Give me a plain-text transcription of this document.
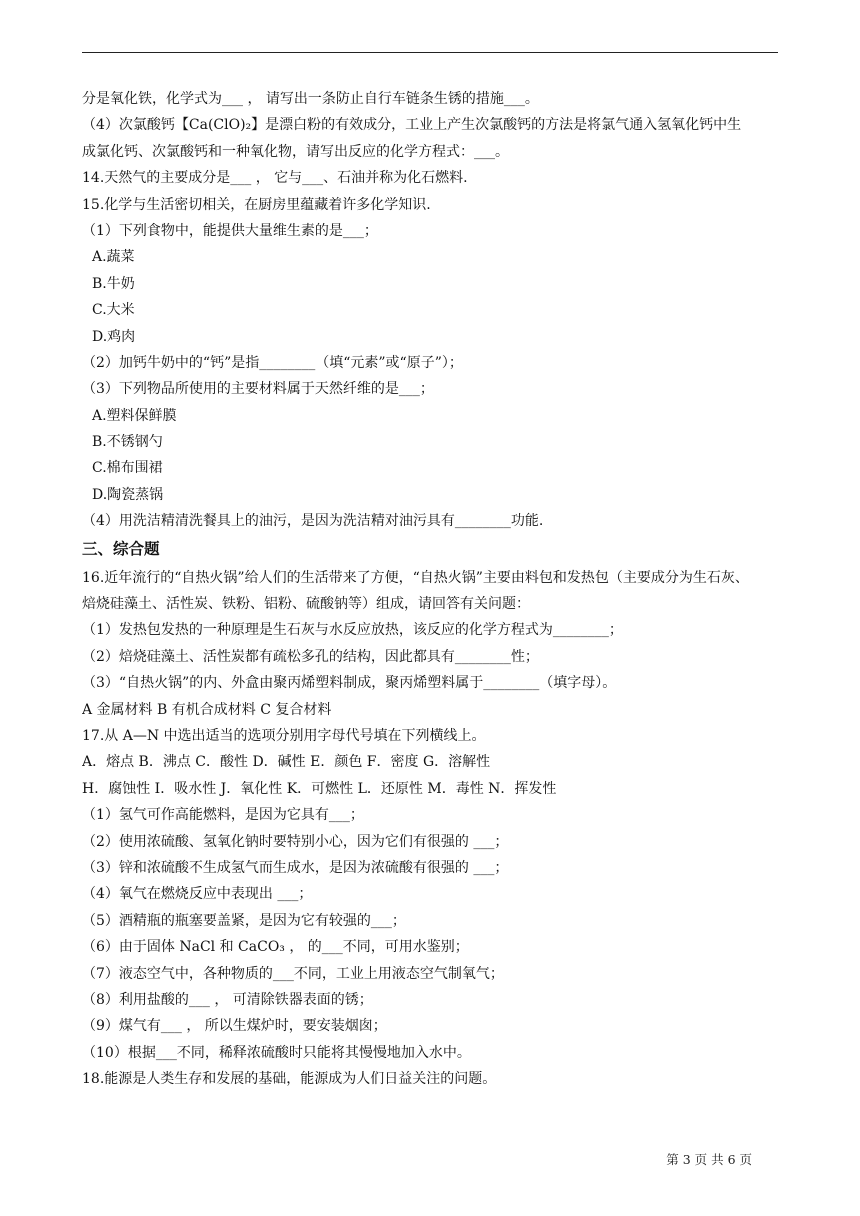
分是氧化铁，化学式为___ ， 请写出一条防止自行车链条生锈的措施___。
（4）次氯酸钙【Ca(ClO)₂】是漂白粉的有效成分，工业上产生次氯酸钙的方法是将氯气通入氢氧化钙中生
成氯化钙、次氯酸钙和一种氧化物，请写出反应的化学方程式：___。
14.天然气的主要成分是___ ， 它与___、石油并称为化石燃料.
15.化学与生活密切相关，在厨房里蕴藏着许多化学知识.
（1）下列食物中，能提供大量维生素的是___；
A.蔬菜
B.牛奶
C.大米
D.鸡肉
（2）加钙牛奶中的“钙”是指________（填“元素”或“原子”）；
（3）下列物品所使用的主要材料属于天然纤维的是___；
A.塑料保鲜膜
B.不锈钢勺
C.棉布围裙
D.陶瓷蒸锅
（4）用洗洁精清洗餐具上的油污，是因为洗洁精对油污具有________功能.
三、综合题
16.近年流行的“自热火锅”给人们的生活带来了方便，“自热火锅”主要由料包和发热包（主要成分为生石灰、
焙烧硅藻土、活性炭、铁粉、铝粉、硫酸钠等）组成，请回答有关问题：
（1）发热包发热的一种原理是生石灰与水反应放热，该反应的化学方程式为________；
（2）焙烧硅藻土、活性炭都有疏松多孔的结构，因此都具有________性；
（3）“自热火锅”的内、外盒由聚丙烯塑料制成，聚丙烯塑料属于________（填字母）。
A 金属材料 B 有机合成材料 C 复合材料
17.从 A—N 中选出适当的选项分别用字母代号填在下列横线上。
A．熔点 B．沸点 C．酸性 D．碱性 E．颜色 F．密度 G．溶解性
H．腐蚀性 I．吸水性 J．氧化性 K．可燃性 L．还原性 M．毒性 N．挥发性
（1）氢气可作高能燃料，是因为它具有___；
（2）使用浓硫酸、氢氧化钠时要特别小心，因为它们有很强的 ___；
（3）锌和浓硫酸不生成氢气而生成水，是因为浓硫酸有很强的 ___；
（4）氧气在燃烧反应中表现出 ___；
（5）酒精瓶的瓶塞要盖紧，是因为它有较强的___；
（6）由于固体 NaCl 和 CaCO₃ ， 的___不同，可用水鉴别；
（7）液态空气中，各种物质的___不同，工业上用液态空气制氧气；
（8）利用盐酸的___ ， 可清除铁器表面的锈；
（9）煤气有___ ， 所以生煤炉时，要安装烟囱；
（10）根据___不同，稀释浓硫酸时只能将其慢慢地加入水中。
18.能源是人类生存和发展的基础，能源成为人们日益关注的问题。
第 3 页 共 6 页
